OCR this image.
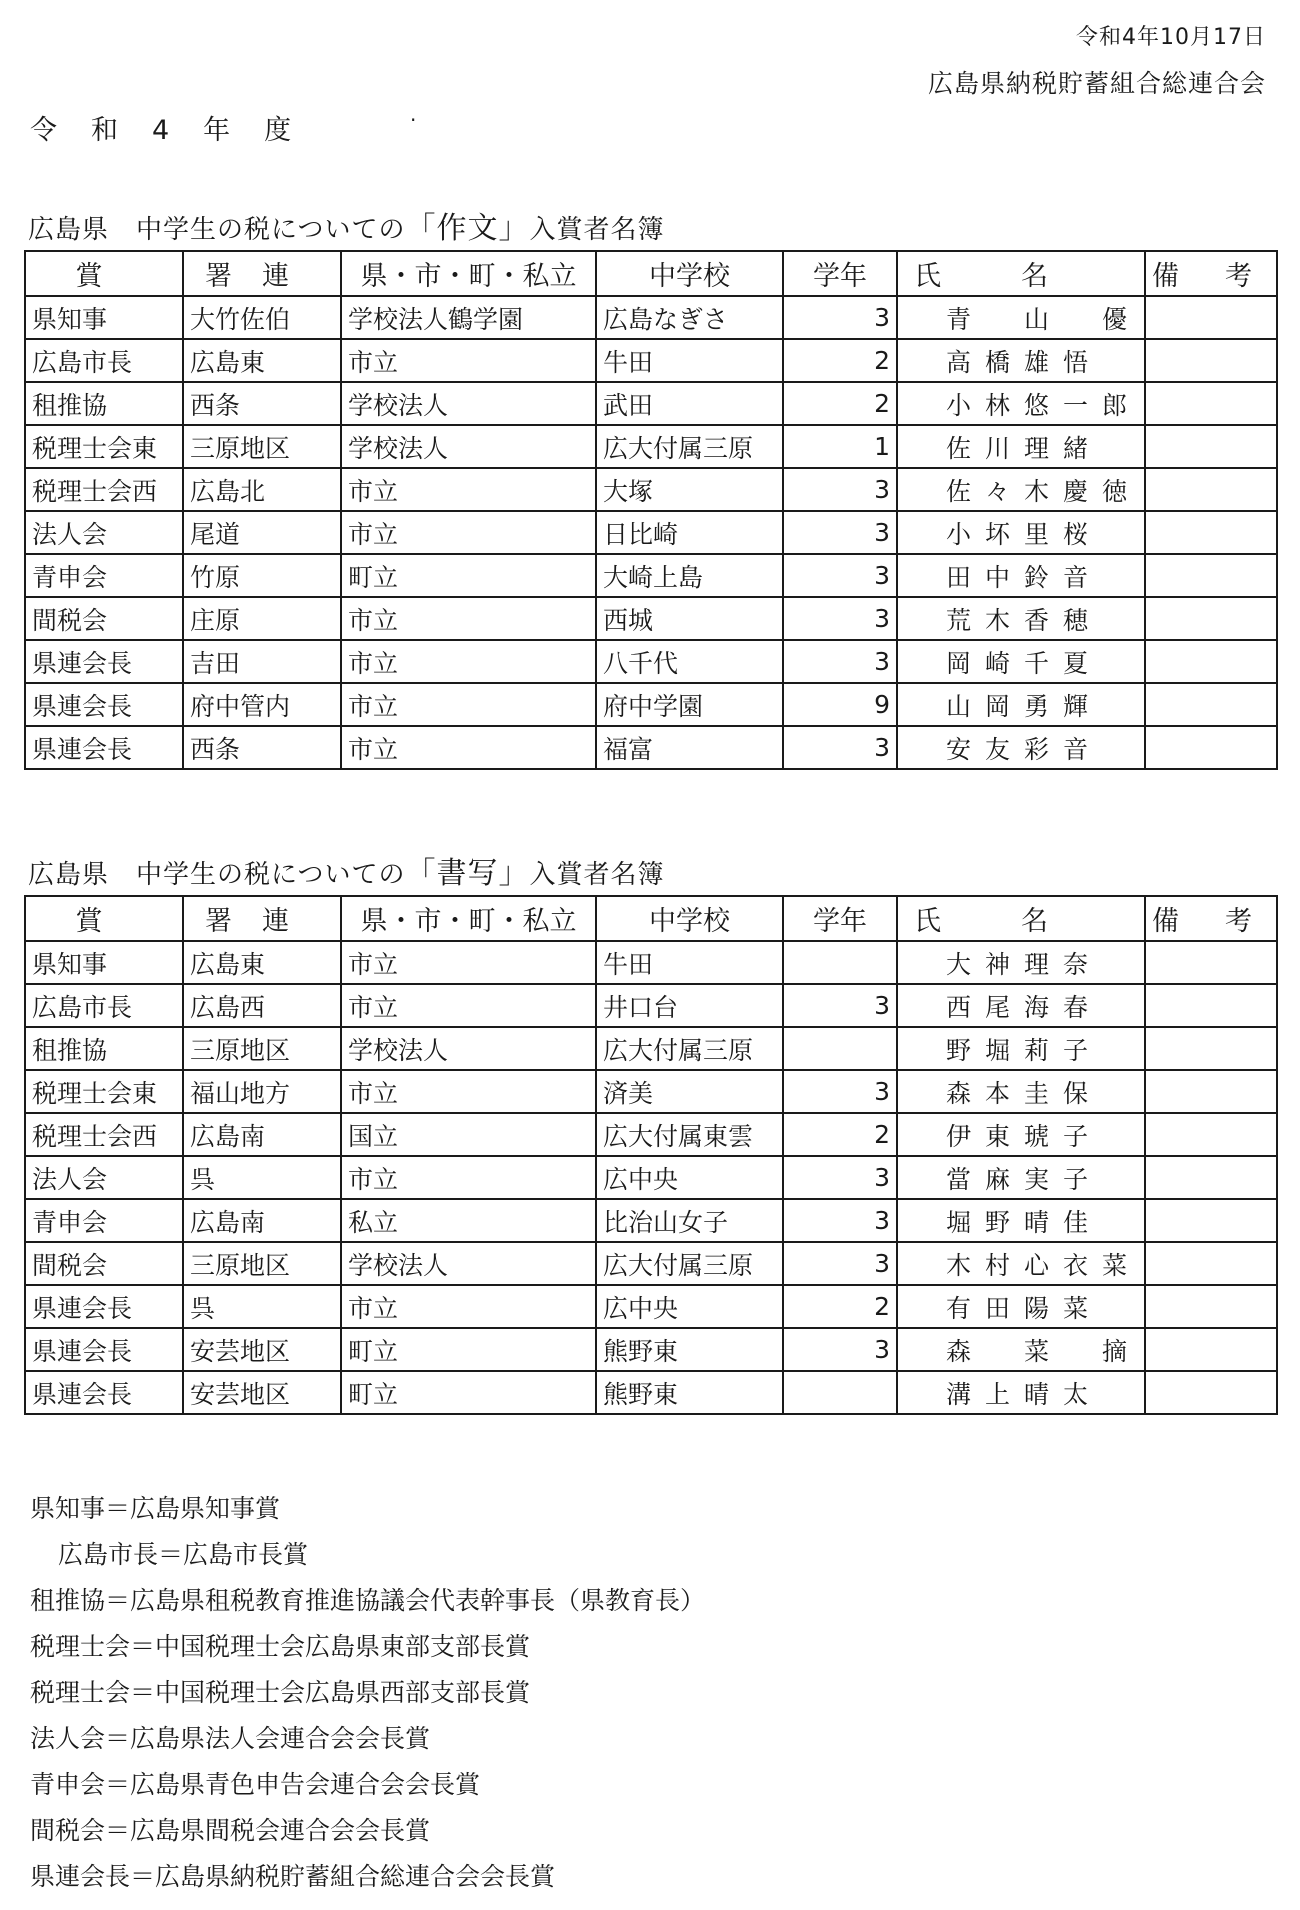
令和4年10月17日
広島県納税貯蓄組合総連合会
令和4年度	·
広島県　中学生の税についての「作文」入賞者名簿
賞	署連	県・市・町・私立	中学校	学年	氏名	備考
県知事	大竹佐伯	学校法人鶴学園	広島なぎさ	3	青　山　優	
広島市長	広島東	市立	牛田	2	高橋雄悟	
租推協	西条	学校法人	武田	2	小林悠一郎	
税理士会東	三原地区	学校法人	広大付属三原	1	佐川理緒	
税理士会西	広島北	市立	大塚	3	佐々木慶徳	
法人会	尾道	市立	日比崎	3	小坏里桜	
青申会	竹原	町立	大崎上島	3	田中鈴音	
間税会	庄原	市立	西城	3	荒木香穂	
県連会長	吉田	市立	八千代	3	岡崎千夏	
県連会長	府中管内	市立	府中学園	9	山岡勇輝	
県連会長	西条	市立	福富	3	安友彩音	
広島県　中学生の税についての「書写」入賞者名簿
賞	署連	県・市・町・私立	中学校	学年	氏名	備考
県知事	広島東	市立	牛田		大神理奈	
広島市長	広島西	市立	井口台	3	西尾海春	
租推協	三原地区	学校法人	広大付属三原		野堀莉子	
税理士会東	福山地方	市立	済美	3	森本圭保	
税理士会西	広島南	国立	広大付属東雲	2	伊東琥子	
法人会	呉	市立	広中央	3	當麻実子	
青申会	広島南	私立	比治山女子	3	堀野晴佳	
間税会	三原地区	学校法人	広大付属三原	3	木村心衣菜	
県連会長	呉	市立	広中央	2	有田陽菜	
県連会長	安芸地区	町立	熊野東	3	森　菜　摘	
県連会長	安芸地区	町立	熊野東		溝上晴太	
県知事＝広島県知事賞
広島市長＝広島市長賞
租推協＝広島県租税教育推進協議会代表幹事長（県教育長）
税理士会＝中国税理士会広島県東部支部長賞
税理士会＝中国税理士会広島県西部支部長賞
法人会＝広島県法人会連合会会長賞
青申会＝広島県青色申告会連合会会長賞
間税会＝広島県間税会連合会会長賞
県連会長＝広島県納税貯蓄組合総連合会会長賞
